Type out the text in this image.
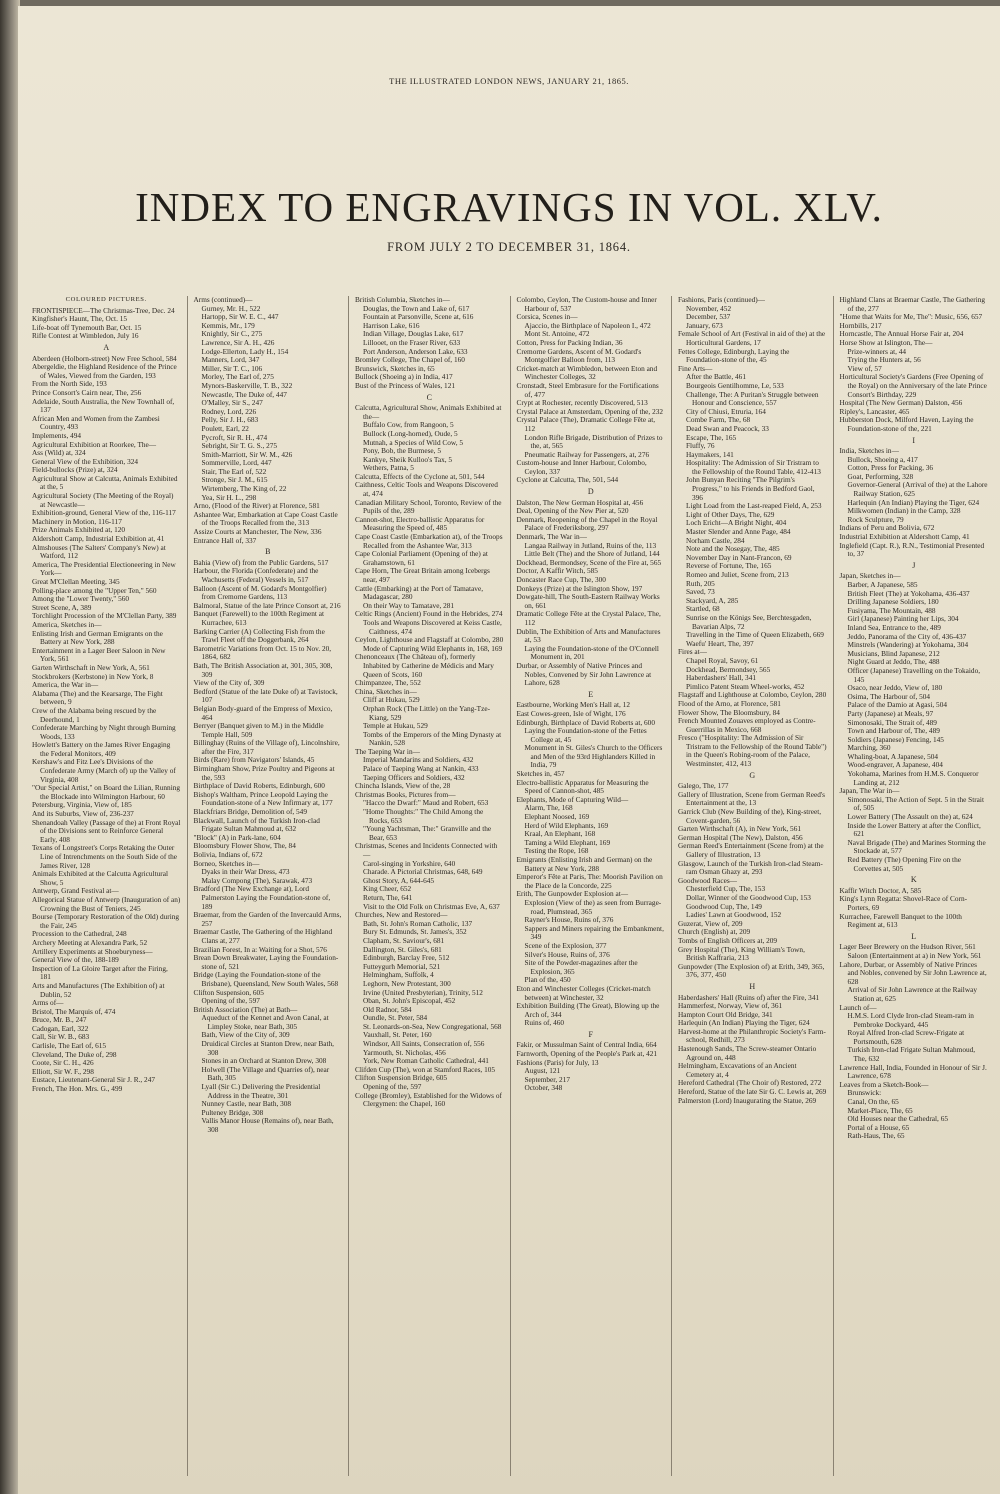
THE ILLUSTRATED LONDON NEWS, JANUARY 21, 1865.
INDEX TO ENGRAVINGS IN VOL. XLV.
FROM JULY 2 TO DECEMBER 31, 1864.
COLOURED PICTURES.
FRONTISPIECE—The Christmas-Tree, Dec. 24
Kingfisher's Haunt, The, Oct. 15
Life-boat off Tynemouth Bar, Oct. 15
Rifle Contest at Wimbledon, July 16
A
Aberdeen (Holborn-street) New Free School, 584
Abergeldie, the Highland Residence of the Prince of Wales, Viewed from the Garden, 193
From the North Side, 193
Prince Consort's Cairn near, The, 256
Adelaide, South Australia, the New Townhall of, 137
African Men and Women from the Zambesi Country, 493
Implements, 494
Agricultural Exhibition at Roorkee, The—
Ass (Wild) at, 324
General View of the Exhibition, 324
Field-bullocks (Prize) at, 324
Agricultural Show at Calcutta, Animals Exhibited at the, 5
Agricultural Society (The Meeting of the Royal) at Newcastle—
Exhibition-ground, General View of the, 116-117
Machinery in Motion, 116-117
Prize Animals Exhibited at, 120
Aldershott Camp, Industrial Exhibition at, 41
Almshouses (The Salters' Company's New) at Watford, 112
America, The Presidential Electioneering in New York—
Great M'Clellan Meeting, 345
Polling-place among the "Upper Ten," 560
Among the "Lower Twenty," 560
Street Scene, A, 389
Torchlight Procession of the M'Clellan Party, 389
America, Sketches in—
Enlisting Irish and German Emigrants on the Battery at New York, 288
Entertainment in a Lager Beer Saloon in New York, 561
Garten Wirthschaft in New York, A, 561
Stockbrokers (Kerbstone) in New York, 8
America, the War in—
Alabama (The) and the Kearsarge, The Fight between, 9
Crew of the Alabama being rescued by the Deerhound, 1
Confederate Marching by Night through Burning Woods, 133
Howlett's Battery on the James River Engaging the Federal Monitors, 409
Kershaw's and Fitz Lee's Divisions of the Confederate Army (March of) up the Valley of Virginia, 408
"Our Special Artist," on Board the Lilian, Running the Blockade into Wilmington Harbour, 60
Petersburg, Virginia, View of, 185
And its Suburbs, View of, 236-237
Shenandoah Valley (Passage of the) at Front Royal of the Divisions sent to Reinforce General Early, 408
Texans of Longstreet's Corps Retaking the Outer Line of Intrenchments on the South Side of the James River, 128
Animals Exhibited at the Calcutta Agricultural Show, 5
Antwerp, Grand Festival at—
Allegorical Statue of Antwerp (Inauguration of an) Crowning the Bust of Teniers, 245
Bourse (Temporary Restoration of the Old) during the Fair, 245
Procession to the Cathedral, 248
Archery Meeting at Alexandra Park, 52
Artillery Experiments at Shoeburyness—
General View of the, 188-189
Inspection of La Gloire Target after the Firing, 181
Arts and Manufactures (The Exhibition of) at Dublin, 52
Arms of—
Bristol, The Marquis of, 474
Bruce, Mr. B., 247
Cadogan, Earl, 322
Call, Sir W. B., 683
Carlisle, The Earl of, 615
Cleveland, The Duke of, 298
Coote, Sir C. H., 426
Elliott, Sir W. F., 298
Eustace, Lieutenant-General Sir J. R., 247
French, The Hon. Mrs. G., 499
Arms (continued)—
Gurney, Mr. H., 522
Hartopp, Sir W. E. C., 447
Kemmis, Mr., 179
Knightly, Sir C., 275
Lawrence, Sir A. H., 426
Lodge-Ellerton, Lady H., 154
Manners, Lord, 347
Miller, Sir T. C., 106
Morley, The Earl of, 275
Mynors-Baskerville, T. B., 322
Newcastle, The Duke of, 447
O'Malley, Sir S., 247
Rodney, Lord, 226
Pelly, Sir J. H., 683
Poulett, Earl, 22
Pycroft, Sir R. H., 474
Sebright, Sir T. G. S., 275
Smith-Marriott, Sir W. M., 426
Sommerville, Lord, 447
Stair, The Earl of, 522
Stronge, Sir J. M., 615
Wirtemberg, The King of, 22
Yea, Sir H. L., 298
Arno, (Flood of the River) at Florence, 581
Ashantee War, Embarkation at Cape Coast Castle of the Troops Recalled from the, 313
Assize Courts at Manchester, The New, 336
Entrance Hall of, 337
B
Bahia (View of) from the Public Gardens, 517
Harbour, the Florida (Confederate) and the Wachusetts (Federal) Vessels in, 517
Balloon (Ascent of M. Godard's Montgolfier) from Cremorne Gardens, 113
Balmoral, Statue of the late Prince Consort at, 216
Banquet (Farewell) to the 100th Regiment at Kurrachee, 613
Barking Carrier (A) Collecting Fish from the Trawl Fleet off the Doggerbank, 264
Barometric Variations from Oct. 15 to Nov. 20, 1864, 682
Bath, The British Association at, 301, 305, 308, 309
View of the City of, 309
Bedford (Statue of the late Duke of) at Tavistock, 107
Belgian Body-guard of the Empress of Mexico, 464
Berryer (Banquet given to M.) in the Middle Temple Hall, 509
Billinghay (Ruins of the Village of), Lincolnshire, after the Fire, 317
Birds (Rare) from Navigators' Islands, 45
Birmingham Show, Prize Poultry and Pigeons at the, 593
Birthplace of David Roberts, Edinburgh, 600
Bishop's Waltham, Prince Leopold Laying the Foundation-stone of a New Infirmary at, 177
Blackfriars Bridge, Demolition of, 549
Blackwall, Launch of the Turkish Iron-clad Frigate Sultan Mahmoud at, 632
"Block" (A) in Park-lane, 604
Bloomsbury Flower Show, The, 84
Bolivia, Indians of, 672
Borneo, Sketches in—
Dyaks in their War Dress, 473
Malay Compong (The), Sarawak, 473
Bradford (The New Exchange at), Lord Palmerston Laying the Foundation-stone of, 189
Braemar, from the Garden of the Invercauld Arms, 257
Braemar Castle, The Gathering of the Highland Clans at, 277
Brazilian Forest, In a: Waiting for a Shot, 576
Brean Down Breakwater, Laying the Foundation-stone of, 521
Bridge (Laying the Foundation-stone of the Brisbane), Queensland, New South Wales, 568
Clifton Suspension, 605
Opening of the, 597
British Association (The) at Bath—
Aqueduct of the Kennet and Avon Canal, at Limpley Stoke, near Bath, 305
Bath, View of the City of, 309
Druidical Circles at Stanton Drew, near Bath, 308
Stones in an Orchard at Stanton Drew, 308
Holwell (The Village and Quarries of), near Bath, 305
Lyall (Sir C.) Delivering the Presidential Address in the Theatre, 301
Nunney Castle, near Bath, 308
Pulteney Bridge, 308
Vallis Manor House (Remains of), near Bath, 308
British Columbia, Sketches in—
Douglas, the Town and Lake of, 617
Fountain at Parsonville, Scene at, 616
Harrison Lake, 616
Indian Village, Douglas Lake, 617
Lillooet, on the Fraser River, 633
Port Anderson, Anderson Lake, 633
Bromley College, The Chapel of, 160
Brunswick, Sketches in, 65
Bullock (Shoeing a) in India, 417
Bust of the Princess of Wales, 121
C
Calcutta, Agricultural Show, Animals Exhibited at the—
Buffalo Cow, from Rangoon, 5
Bullock (Long-horned), Oude, 5
Mutnah, a Species of Wild Cow, 5
Pony, Bob, the Burmese, 5
Kankye, Sheik Kulloo's Tax, 5
Wethers, Patna, 5
Calcutta, Effects of the Cyclone at, 501, 544
Caithness, Celtic Tools and Weapons Discovered at, 474
Canadian Military School, Toronto, Review of the Pupils of the, 289
Cannon-shot, Electro-ballistic Apparatus for Measuring the Speed of, 485
Cape Coast Castle (Embarkation at), of the Troops Recalled from the Ashantee War, 313
Cape Colonial Parliament (Opening of the) at Grahamstown, 61
Cape Horn, The Great Britain among Icebergs near, 497
Cattle (Embarking) at the Port of Tamatave, Madagascar, 280
On their Way to Tamatave, 281
Celtic Rings (Ancient) Found in the Hebrides, 274
Tools and Weapons Discovered at Keiss Castle, Caithness, 474
Ceylon, Lighthouse and Flagstaff at Colombo, 280
Mode of Capturing Wild Elephants in, 168, 169
Chenonceaux (The Château of), formerly Inhabited by Catherine de Médicis and Mary Queen of Scots, 160
Chimpanzee, The, 552
China, Sketches in—
Cliff at Hukau, 529
Orphan Rock (The Little) on the Yang-Tze-Kiang, 529
Temple at Hukau, 529
Tombs of the Emperors of the Ming Dynasty at Nankin, 528
The Taeping War in—
Imperial Mandarins and Soldiers, 432
Palace of Taeping Wang at Nankin, 433
Taeping Officers and Soldiers, 432
Chincha Islands, View of the, 28
Christmas Books, Pictures from—
"Hacco the Dwarf:" Maud and Robert, 653
"Home Thoughts:" The Child Among the Rocks, 653
"Young Yachtsman, The:" Granville and the Bear, 653
Christmas, Scenes and Incidents Connected with—
Carol-singing in Yorkshire, 640
Charade. A Pictorial Christmas, 648, 649
Ghost Story, A, 644-645
King Cheer, 652
Return, The, 641
Visit to the Old Folk on Christmas Eve, A, 637
Churches, New and Restored—
Bath, St. John's Roman Catholic, 137
Bury St. Edmunds, St. James's, 352
Clapham, St. Saviour's, 681
Dallington, St. Giles's, 681
Edinburgh, Barclay Free, 512
Futteygurh Memorial, 521
Helmingham, Suffolk, 4
Leghorn, New Protestant, 300
Irvine (United Presbyterian), Trinity, 512
Oban, St. John's Episcopal, 452
Old Radnor, 584
Oundle, St. Peter, 584
St. Leonards-on-Sea, New Congregational, 568
Vauxhall, St. Peter, 160
Windsor, All Saints, Consecration of, 556
Yarmouth, St. Nicholas, 456
York, New Roman Catholic Cathedral, 441
Clifden Cup (The), won at Stamford Races, 105
Clifton Suspension Bridge, 605
Opening of the, 597
College (Bromley), Established for the Widows of Clergymen: the Chapel, 160
Colombo, Ceylon, The Custom-house and Inner Harbour of, 537
Corsica, Scenes in—
Ajaccio, the Birthplace of Napoleon I., 472
Mont St. Antoine, 472
Cotton, Press for Packing Indian, 36
Cremorne Gardens, Ascent of M. Godard's Montgolfier Balloon from, 113
Cricket-match at Wimbledon, between Eton and Winchester Colleges, 32
Cronstadt, Steel Embrasure for the Fortifications of, 477
Crypt at Rochester, recently Discovered, 513
Crystal Palace at Amsterdam, Opening of the, 232
Crystal Palace (The), Dramatic College Fête at, 112
London Rifle Brigade, Distribution of Prizes to the, at, 565
Pneumatic Railway for Passengers, at, 276
Custom-house and Inner Harbour, Colombo, Ceylon, 337
Cyclone at Calcutta, The, 501, 544
D
Dalston, The New German Hospital at, 456
Deal, Opening of the New Pier at, 520
Denmark, Reopening of the Chapel in the Royal Palace of Frederiksborg, 297
Denmark, The War in—
Langaa Railway in Jutland, Ruins of the, 113
Little Belt (The) and the Shore of Jutland, 144
Dockhead, Bermondsey, Scene of the Fire at, 565
Doctor, A Kaffir Witch, 585
Doncaster Race Cup, The, 300
Donkeys (Prize) at the Islington Show, 197
Dowgate-hill, The South-Eastern Railway Works on, 661
Dramatic College Fête at the Crystal Palace, The, 112
Dublin, The Exhibition of Arts and Manufactures at, 53
Laying the Foundation-stone of the O'Connell Monument in, 201
Durbar, or Assembly of Native Princes and Nobles, Convened by Sir John Lawrence at Lahore, 628
E
Eastbourne, Working Men's Hall at, 12
East Cowes-green, Isle of Wight, 176
Edinburgh, Birthplace of David Roberts at, 600
Laying the Foundation-stone of the Fettes College at, 45
Monument in St. Giles's Church to the Officers and Men of the 93rd Highlanders Killed in India, 79
Sketches in, 457
Electro-ballistic Apparatus for Measuring the Speed of Cannon-shot, 485
Elephants, Mode of Capturing Wild—
Alarm, The, 168
Elephant Noosed, 169
Herd of Wild Elephants, 169
Kraal, An Elephant, 168
Taming a Wild Elephant, 169
Testing the Rope, 168
Emigrants (Enlisting Irish and German) on the Battery at New York, 288
Emperor's Fête at Paris, The: Moorish Pavilion on the Place de la Concorde, 225
Erith, The Gunpowder Explosion at—
Explosion (View of the) as seen from Burrage-road, Plumstead, 365
Rayner's House, Ruins of, 376
Sappers and Miners repairing the Embankment, 349
Scene of the Explosion, 377
Silver's House, Ruins of, 376
Site of the Powder-magazines after the Explosion, 365
Plan of the, 450
Eton and Winchester Colleges (Cricket-match between) at Winchester, 32
Exhibition Building (The Great), Blowing up the Arch of, 344
Ruins of, 460
F
Fakir, or Mussulman Saint of Central India, 664
Farnworth, Opening of the People's Park at, 421
Fashions (Paris) for July, 13
August, 121
September, 217
October, 348
Fashions, Paris (continued)—
November, 452
December, 537
January, 673
Female School of Art (Festival in aid of the) at the Horticultural Gardens, 17
Fettes College, Edinburgh, Laying the Foundation-stone of the, 45
Fine Arts—
After the Battle, 461
Bourgeois Gentilhomme, Le, 533
Challenge, The: A Puritan's Struggle between Honour and Conscience, 557
City of Chiusi, Etruria, 164
Combe Farm, The, 68
Dead Swan and Peacock, 33
Escape, The, 165
Fluffy, 76
Haymakers, 141
Hospitality: The Admission of Sir Tristram to the Fellowship of the Round Table, 412-413
John Bunyan Reciting "The Pilgrim's Progress," to his Friends in Bedford Gaol, 396
Light Load from the Last-reaped Field, A, 253
Light of Other Days, The, 629
Loch Ericht—A Bright Night, 404
Master Slender and Anne Page, 484
Norham Castle, 284
Note and the Nosegay, The, 485
November Day in Nant-Francon, 69
Reverse of Fortune, The, 165
Romeo and Juliet, Scene from, 213
Ruth, 205
Saved, 73
Stackyard, A, 285
Startled, 68
Sunrise on the Königs See, Berchtesgaden, Bavarian Alps, 72
Travelling in the Time of Queen Elizabeth, 669
Waefu' Heart, The, 397
Fires at—
Chapel Royal, Savoy, 61
Dockhead, Bermondsey, 565
Haberdashers' Hall, 341
Pimlico Patent Steam Wheel-works, 452
Flagstaff and Lighthouse at Colombo, Ceylon, 280
Flood of the Arno, at Florence, 581
Flower Show, The Bloomsbury, 84
French Mounted Zouaves employed as Contre-Guerrillas in Mexico, 668
Fresco ("Hospitality: The Admission of Sir Tristram to the Fellowship of the Round Table") in the Queen's Robing-room of the Palace, Westminster, 412, 413
G
Galego, The, 177
Gallery of Illustration, Scene from German Reed's Entertainment at the, 13
Garrick Club (New Building of the), King-street, Covent-garden, 56
Garten Wirthschaft (A), in New York, 561
German Hospital (The New), Dalston, 456
German Reed's Entertainment (Scene from) at the Gallery of Illustration, 13
Glasgow, Launch of the Turkish Iron-clad Steam-ram Osman Ghazy at, 293
Goodwood Races—
Chesterfield Cup, The, 153
Dollar, Winner of the Goodwood Cup, 153
Goodwood Cup, The, 149
Ladies' Lawn at Goodwood, 152
Guzerat, View of, 209
Church (English) at, 209
Tombs of English Officers at, 209
Grey Hospital (The), King William's Town, British Kaffraria, 213
Gunpowder (The Explosion of) at Erith, 349, 365, 376, 377, 450
H
Haberdashers' Hall (Ruins of) after the Fire, 341
Hammerfest, Norway, View of, 361
Hampton Court Old Bridge, 341
Harlequin (An Indian) Playing the Tiger, 624
Harvest-home at the Philanthropic Society's Farm-school, Redhill, 273
Hastenough Sands, The Screw-steamer Ontario Aground on, 448
Helmingham, Excavations of an Ancient Cemetery at, 4
Hereford Cathedral (The Choir of) Restored, 272
Hereford, Statue of the late Sir G. C. Lewis at, 269
Palmerston (Lord) Inaugurating the Statue, 269
Highland Clans at Braemar Castle, The Gathering of the, 277
"Home that Waits for Me, The": Music, 656, 657
Hornbills, 217
Horncastle, The Annual Horse Fair at, 204
Horse Show at Islington, The—
Prize-winners at, 44
Trying the Hunters at, 56
View of, 57
Horticultural Society's Gardens (Free Opening of the Royal) on the Anniversary of the late Prince Consort's Birthday, 229
Hospital (The New German) Dalston, 456
Ripley's, Lancaster, 465
Hubberston Dock, Milford Haven, Laying the Foundation-stone of the, 221
I
India, Sketches in—
Bullock, Shoeing a, 417
Cotton, Press for Packing, 36
Goat, Performing, 328
Governor-General (Arrival of the) at the Lahore Railway Station, 625
Harlequin (An Indian) Playing the Tiger, 624
Milkwomen (Indian) in the Camp, 328
Rock Sculpture, 79
Indians of Peru and Bolivia, 672
Industrial Exhibition at Aldershott Camp, 41
Inglefield (Capt. R.), R.N., Testimonial Presented to, 37
J
Japan, Sketches in—
Barber, A Japanese, 585
British Fleet (The) at Yokohama, 436-437
Drilling Japanese Soldiers, 180
Fusiyama, The Mountain, 488
Girl (Japanese) Painting her Lips, 304
Inland Sea, Entrance to the, 489
Jeddo, Panorama of the City of, 436-437
Minstrels (Wandering) at Yokohama, 304
Musicians, Blind Japanese, 212
Night Guard at Jeddo, The, 488
Officer (Japanese) Travelling on the Tokaido, 145
Osaco, near Jeddo, View of, 180
Osima, The Harbour of, 504
Palace of the Damio at Agasi, 504
Party (Japanese) at Meals, 97
Simonosaki, The Strait of, 489
Town and Harbour of, The, 489
Soldiers (Japanese) Fencing, 145
Marching, 360
Whaling-boat, A Japanese, 504
Wood-engraver, A Japanese, 404
Yokohama, Marines from H.M.S. Conqueror Landing at, 212
Japan, The War in—
Simonosaki, The Action of Sept. 5 in the Strait of, 505
Lower Battery (The Assault on the) at, 624
Inside the Lower Battery at after the Conflict, 621
Naval Brigade (The) and Marines Storming the Stockade at, 577
Red Battery (The) Opening Fire on the Corvettes at, 505
K
Kaffir Witch Doctor, A, 585
King's Lynn Regatta: Shovel-Race of Corn-Porters, 69
Kurrachee, Farewell Banquet to the 100th Regiment at, 613
L
Lager Beer Brewery on the Hudson River, 561
Saloon (Entertainment at a) in New York, 561
Lahore, Durbar, or Assembly of Native Princes and Nobles, convened by Sir John Lawrence at, 628
Arrival of Sir John Lawrence at the Railway Station at, 625
Launch of—
H.M.S. Lord Clyde Iron-clad Steam-ram in Pembroke Dockyard, 445
Royal Alfred Iron-clad Screw-Frigate at Portsmouth, 628
Turkish Iron-clad Frigate Sultan Mahmoud, The, 632
Lawrence Hall, India, Founded in Honour of Sir J. Lawrence, 678
Leaves from a Sketch-Book—
Brunswick:
Canal, On the, 65
Market-Place, The, 65
Old Houses near the Cathedral, 65
Portal of a House, 65
Rath-Haus, The, 65
